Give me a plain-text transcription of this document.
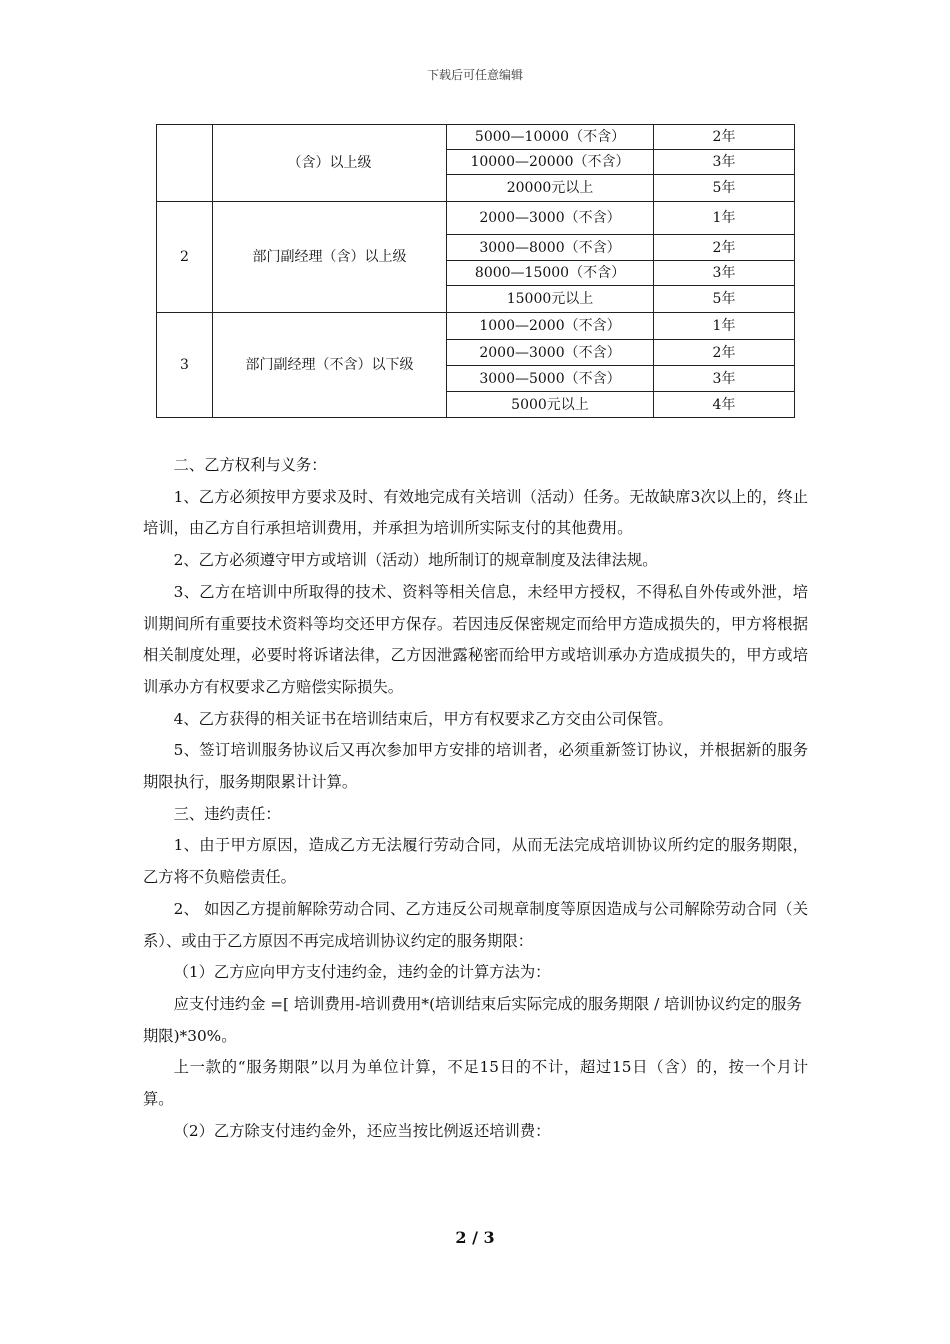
下载后可任意编辑
	（含）以上级	5000—10000（不含）	2年
		10000—20000（不含）	3年
		20000元以上	5年
2	部门副经理（含）以上级	2000—3000（不含）	1年
		3000—8000（不含）	2年
		8000—15000（不含）	3年
		15000元以上	5年
3	部门副经理（不含）以下级	1000—2000（不含）	1年
		2000—3000（不含）	2年
		3000—5000（不含）	3年
		5000元以上	4年

二、乙方权利与义务：

1、乙方必须按甲方要求及时、有效地完成有关培训（活动）任务。无故缺席3次以上的，终止培训，由乙方自行承担培训费用，并承担为培训所实际支付的其他费用。

2、乙方必须遵守甲方或培训（活动）地所制订的规章制度及法律法规。

3、乙方在培训中所取得的技术、资料等相关信息，未经甲方授权，不得私自外传或外泄，培训期间所有重要技术资料等均交还甲方保存。若因违反保密规定而给甲方造成损失的，甲方将根据相关制度处理，必要时将诉诸法律，乙方因泄露秘密而给甲方或培训承办方造成损失的，甲方或培训承办方有权要求乙方赔偿实际损失。

4、乙方获得的相关证书在培训结束后，甲方有权要求乙方交由公司保管。

5、签订培训服务协议后又再次参加甲方安排的培训者，必须重新签订协议，并根据新的服务期限执行，服务期限累计计算。

三、违约责任：

1、由于甲方原因，造成乙方无法履行劳动合同，从而无法完成培训协议所约定的服务期限，乙方将不负赔偿责任。

2、 如因乙方提前解除劳动合同、乙方违反公司规章制度等原因造成与公司解除劳动合同（关系）、或由于乙方原因不再完成培训协议约定的服务期限：

（1）乙方应向甲方支付违约金，违约金的计算方法为：

应支付违约金 =[ 培训费用-培训费用*(培训结束后实际完成的服务期限 / 培训协议约定的服务期限)*30%。

上一款的“服务期限”以月为单位计算，不足15日的不计，超过15日（含）的，按一个月计算。

（2）乙方除支付违约金外，还应当按比例返还培训费：

2 / 3
